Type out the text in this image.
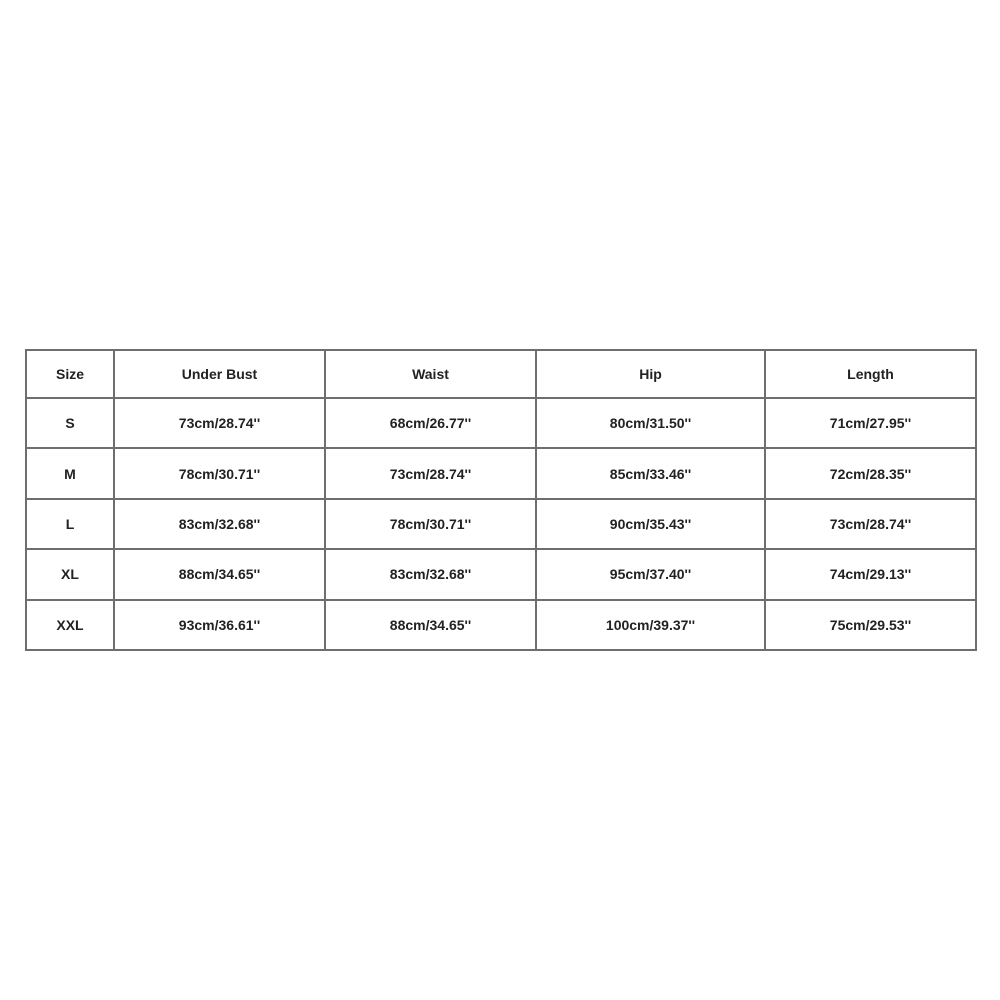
Size	Under Bust	Waist	Hip	Length
S	73cm/28.74''	68cm/26.77''	80cm/31.50''	71cm/27.95''
M	78cm/30.71''	73cm/28.74''	85cm/33.46''	72cm/28.35''
L	83cm/32.68''	78cm/30.71''	90cm/35.43''	73cm/28.74''
XL	88cm/34.65''	83cm/32.68''	95cm/37.40''	74cm/29.13''
XXL	93cm/36.61''	88cm/34.65''	100cm/39.37''	75cm/29.53''
